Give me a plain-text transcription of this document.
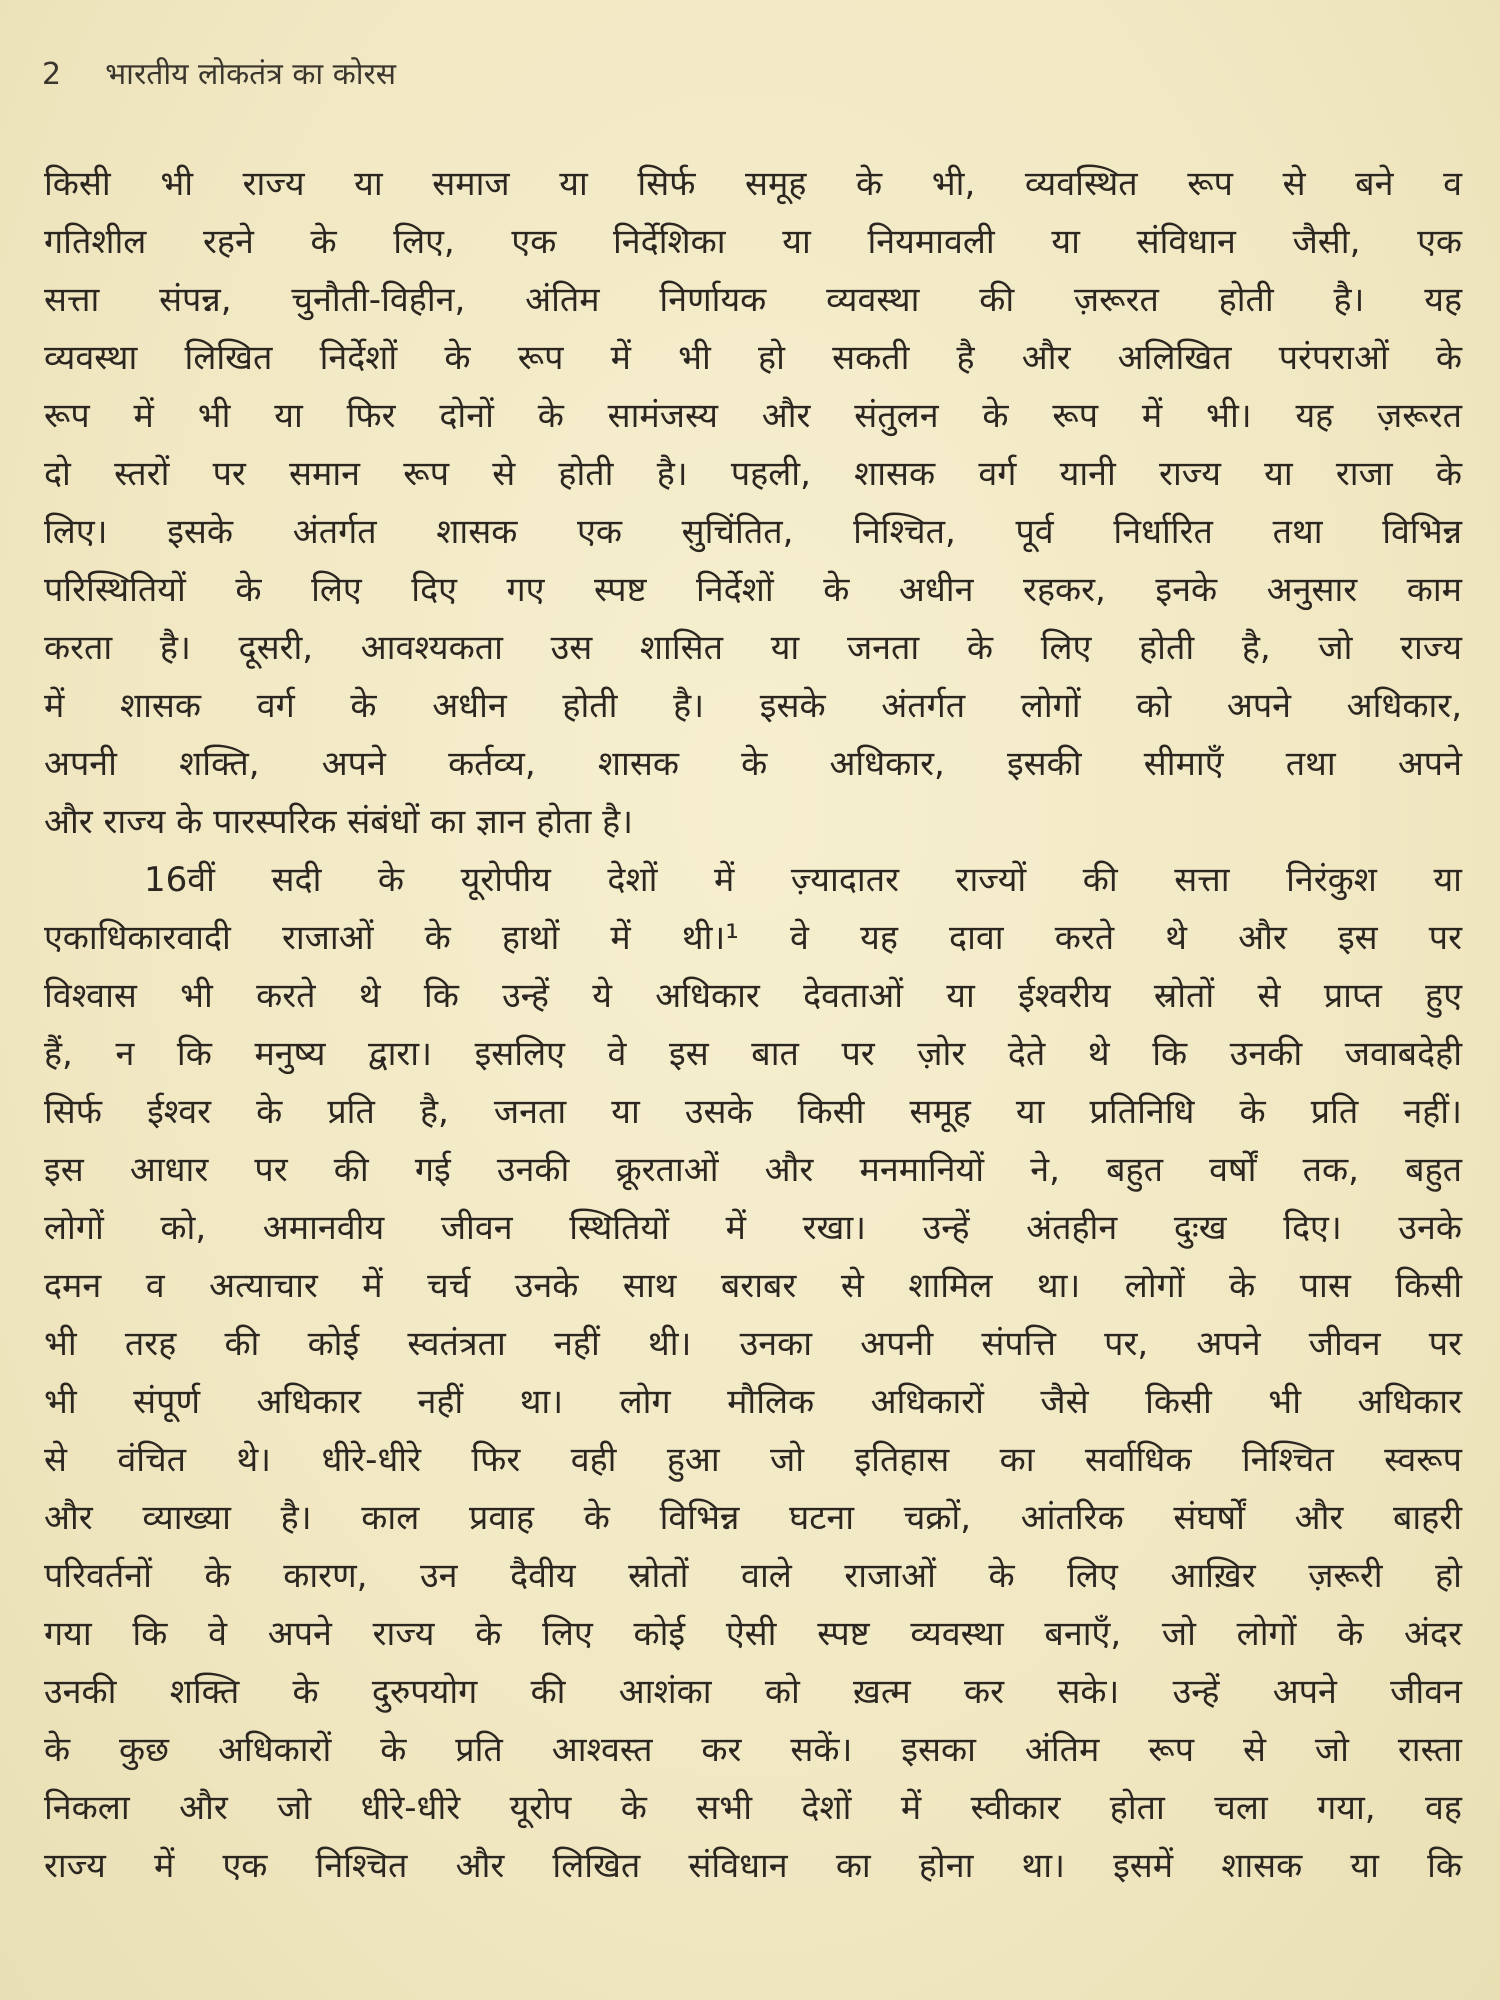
2 भारतीय लोकतंत्र का कोरस
किसी भी राज्य या समाज या सिर्फ समूह के भी, व्यवस्थित रूप से बने व
गतिशील रहने के लिए, एक निर्देशिका या नियमावली या संविधान जैसी, एक
सत्ता संपन्न, चुनौती-विहीन, अंतिम निर्णायक व्यवस्था की ज़रूरत होती है। यह
व्यवस्था लिखित निर्देशों के रूप में भी हो सकती है और अलिखित परंपराओं के
रूप में भी या फिर दोनों के सामंजस्य और संतुलन के रूप में भी। यह ज़रूरत
दो स्तरों पर समान रूप से होती है। पहली, शासक वर्ग यानी राज्य या राजा के
लिए। इसके अंतर्गत शासक एक सुचिंतित, निश्चित, पूर्व निर्धारित तथा विभिन्न
परिस्थितियों के लिए दिए गए स्पष्ट निर्देशों के अधीन रहकर, इनके अनुसार काम
करता है। दूसरी, आवश्यकता उस शासित या जनता के लिए होती है, जो राज्य
में शासक वर्ग के अधीन होती है। इसके अंतर्गत लोगों को अपने अधिकार,
अपनी शक्ति, अपने कर्तव्य, शासक के अधिकार, इसकी सीमाएँ तथा अपने
और राज्य के पारस्परिक संबंधों का ज्ञान होता है।
16वीं सदी के यूरोपीय देशों में ज़्यादातर राज्यों की सत्ता निरंकुश या
एकाधिकारवादी राजाओं के हाथों में थी।¹ वे यह दावा करते थे और इस पर
विश्वास भी करते थे कि उन्हें ये अधिकार देवताओं या ईश्वरीय स्रोतों से प्राप्त हुए
हैं, न कि मनुष्य द्वारा। इसलिए वे इस बात पर ज़ोर देते थे कि उनकी जवाबदेही
सिर्फ ईश्वर के प्रति है, जनता या उसके किसी समूह या प्रतिनिधि के प्रति नहीं।
इस आधार पर की गई उनकी क्रूरताओं और मनमानियों ने, बहुत वर्षों तक, बहुत
लोगों को, अमानवीय जीवन स्थितियों में रखा। उन्हें अंतहीन दुःख दिए। उनके
दमन व अत्याचार में चर्च उनके साथ बराबर से शामिल था। लोगों के पास किसी
भी तरह की कोई स्वतंत्रता नहीं थी। उनका अपनी संपत्ति पर, अपने जीवन पर
भी संपूर्ण अधिकार नहीं था। लोग मौलिक अधिकारों जैसे किसी भी अधिकार
से वंचित थे। धीरे-धीरे फिर वही हुआ जो इतिहास का सर्वाधिक निश्चित स्वरूप
और व्याख्या है। काल प्रवाह के विभिन्न घटना चक्रों, आंतरिक संघर्षों और बाहरी
परिवर्तनों के कारण, उन दैवीय स्रोतों वाले राजाओं के लिए आख़िर ज़रूरी हो
गया कि वे अपने राज्य के लिए कोई ऐसी स्पष्ट व्यवस्था बनाएँ, जो लोगों के अंदर
उनकी शक्ति के दुरुपयोग की आशंका को ख़त्म कर सके। उन्हें अपने जीवन
के कुछ अधिकारों के प्रति आश्वस्त कर सकें। इसका अंतिम रूप से जो रास्ता
निकला और जो धीरे-धीरे यूरोप के सभी देशों में स्वीकार होता चला गया, वह
राज्य में एक निश्चित और लिखित संविधान का होना था। इसमें शासक या कि
